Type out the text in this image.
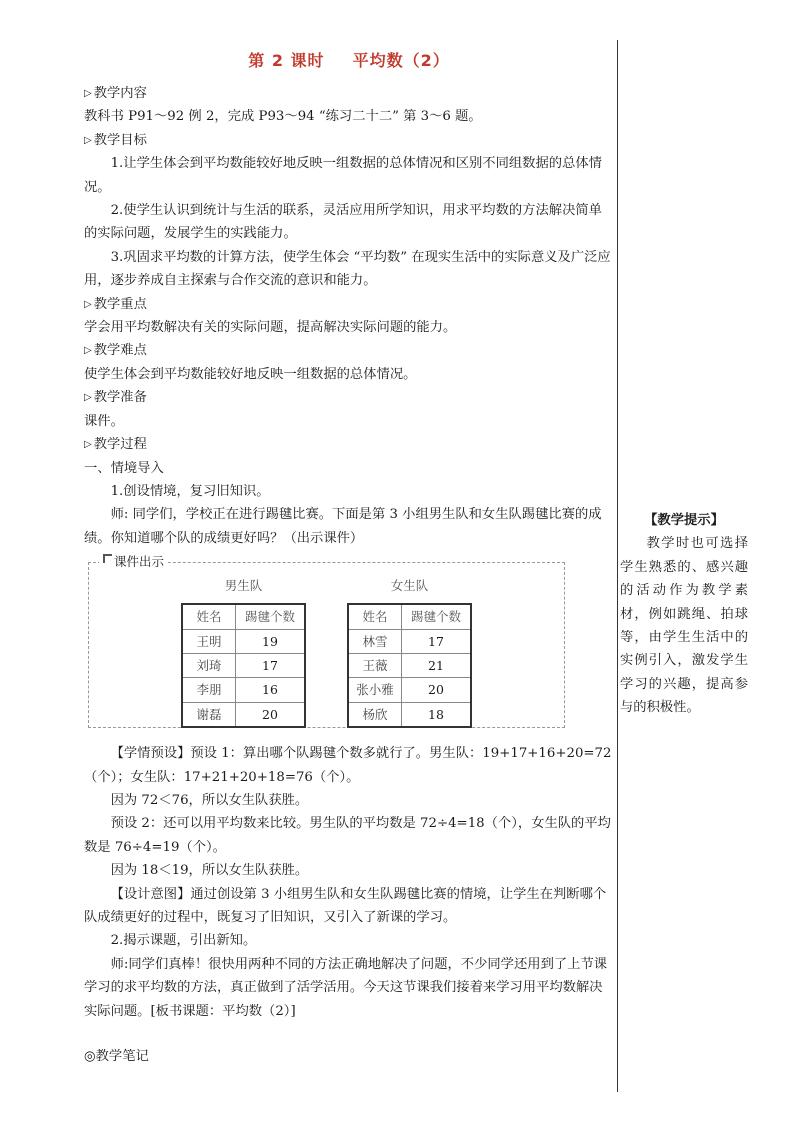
第 2 课时 平均数（2）

▷ 教学内容

教科书 P91～92 例 2，完成 P93～94 “练习二十二” 第 3～6 题。

▷ 教学目标

1.让学生体会到平均数能较好地反映一组数据的总体情况和区别不同组数据的总体情况。

2.使学生认识到统计与生活的联系，灵活应用所学知识，用求平均数的方法解决简单的实际问题，发展学生的实践能力。

3.巩固求平均数的计算方法，使学生体会 “平均数” 在现实生活中的实际意义及广泛应用，逐步养成自主探索与合作交流的意识和能力。

▷ 教学重点

学会用平均数解决有关的实际问题，提高解决实际问题的能力。

▷ 教学难点

使学生体会到平均数能较好地反映一组数据的总体情况。

▷ 教学准备

课件。

▷ 教学过程

一、情境导入

1.创设情境，复习旧知识。

师: 同学们，学校正在进行踢毽比赛。下面是第 3 小组男生队和女生队踢毽比赛的成绩。你知道哪个队的成绩更好吗？（出示课件）

课件出示
男生队
姓名	踢毽个数
王明	19
刘琦	17
李朋	16
谢磊	20
女生队
姓名	踢毽个数
林雪	17
王薇	21
张小雅	20
杨欣	18

【学情预设】预设 1：算出哪个队踢毽个数多就行了。男生队：19+17+16+20=72（个）；女生队：17+21+20+18=76（个）。

因为 72＜76，所以女生队获胜。

预设 2：还可以用平均数来比较。男生队的平均数是 72÷4=18（个），女生队的平均数是 76÷4=19（个）。

因为 18＜19，所以女生队获胜。

【设计意图】通过创设第 3 小组男生队和女生队踢毽比赛的情境，让学生在判断哪个队成绩更好的过程中，既复习了旧知识，又引入了新课的学习。

2.揭示课题，引出新知。

师:同学们真棒！很快用两种不同的方法正确地解决了问题，不少同学还用到了上节课学习的求平均数的方法，真正做到了活学活用。今天这节课我们接着来学习用平均数解决实际问题。[板书课题：平均数（2）]

【教学提示】
教学时也可选择学生熟悉的、感兴趣的活动作为教学素材，例如跳绳、拍球等，由学生生活中的实例引入，激发学生学习的兴趣，提高参与的积极性。
◎教学笔记
